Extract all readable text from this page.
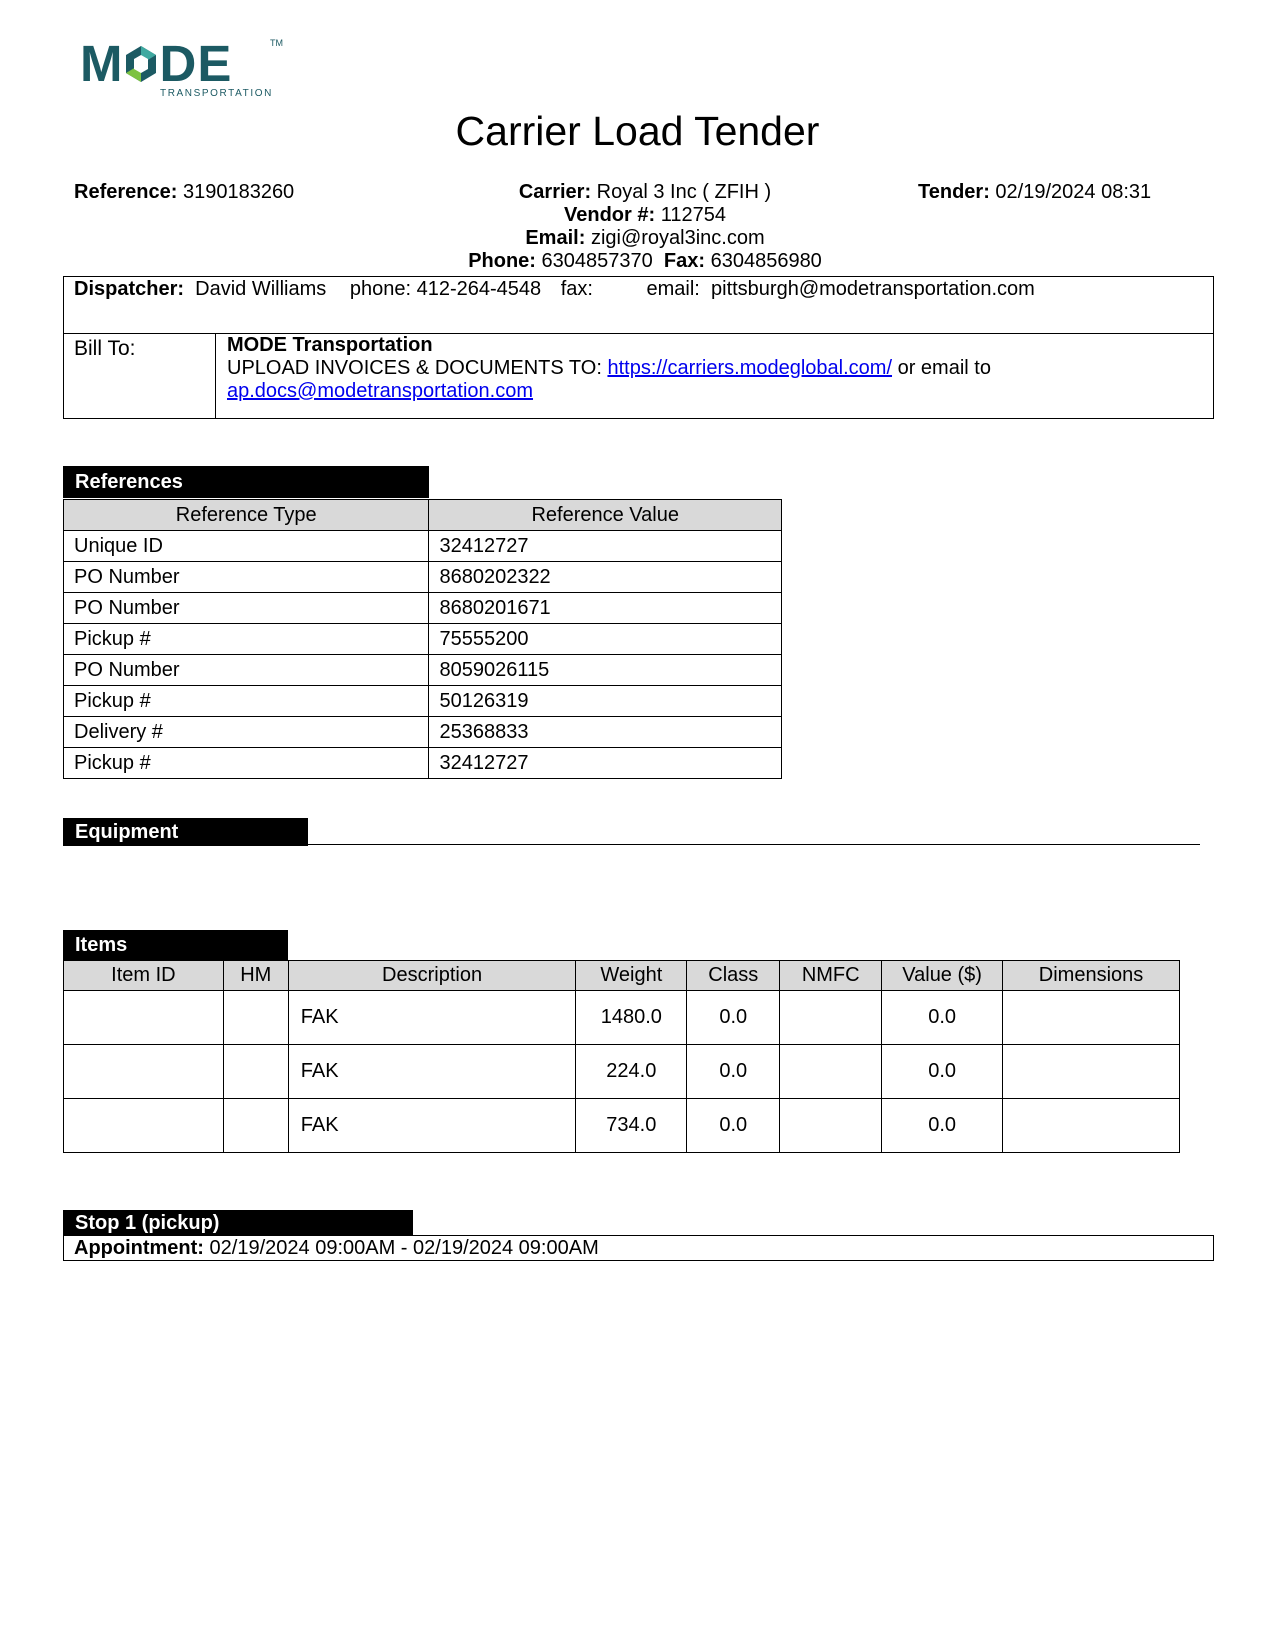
M DE	TM
TRANSPORTATION
Carrier Load Tender
Reference: 3190183260	Tender: 02/19/2024 08:31
Carrier: Royal 3 Inc ( ZFIH )
Vendor #: 112754
Email: zigi@royal3inc.com
Phone: 6304857370 Fax: 6304856980
Dispatcher: David Williams phone: 412-264-4548 fax:	email: pittsburgh@modetransportation.com
Bill To:	MODE Transportation
UPLOAD INVOICES & DOCUMENTS TO: https://carriers.modeglobal.com/ or email to
ap.docs@modetransportation.com
References
Reference Type	Reference Value
Unique ID	32412727
PO Number	8680202322
PO Number	8680201671
Pickup #	75555200
PO Number	8059026115
Pickup #	50126319
Delivery #	25368833
Pickup #	32412727
Equipment
Items
Item ID	HM	Description	Weight	Class	NMFC	Value ($)	Dimensions
		FAK	1480.0	0.0		0.0	
		FAK	224.0	0.0		0.0	
		FAK	734.0	0.0		0.0	
Stop 1 (pickup)
Appointment: 02/19/2024 09:00AM - 02/19/2024 09:00AM
